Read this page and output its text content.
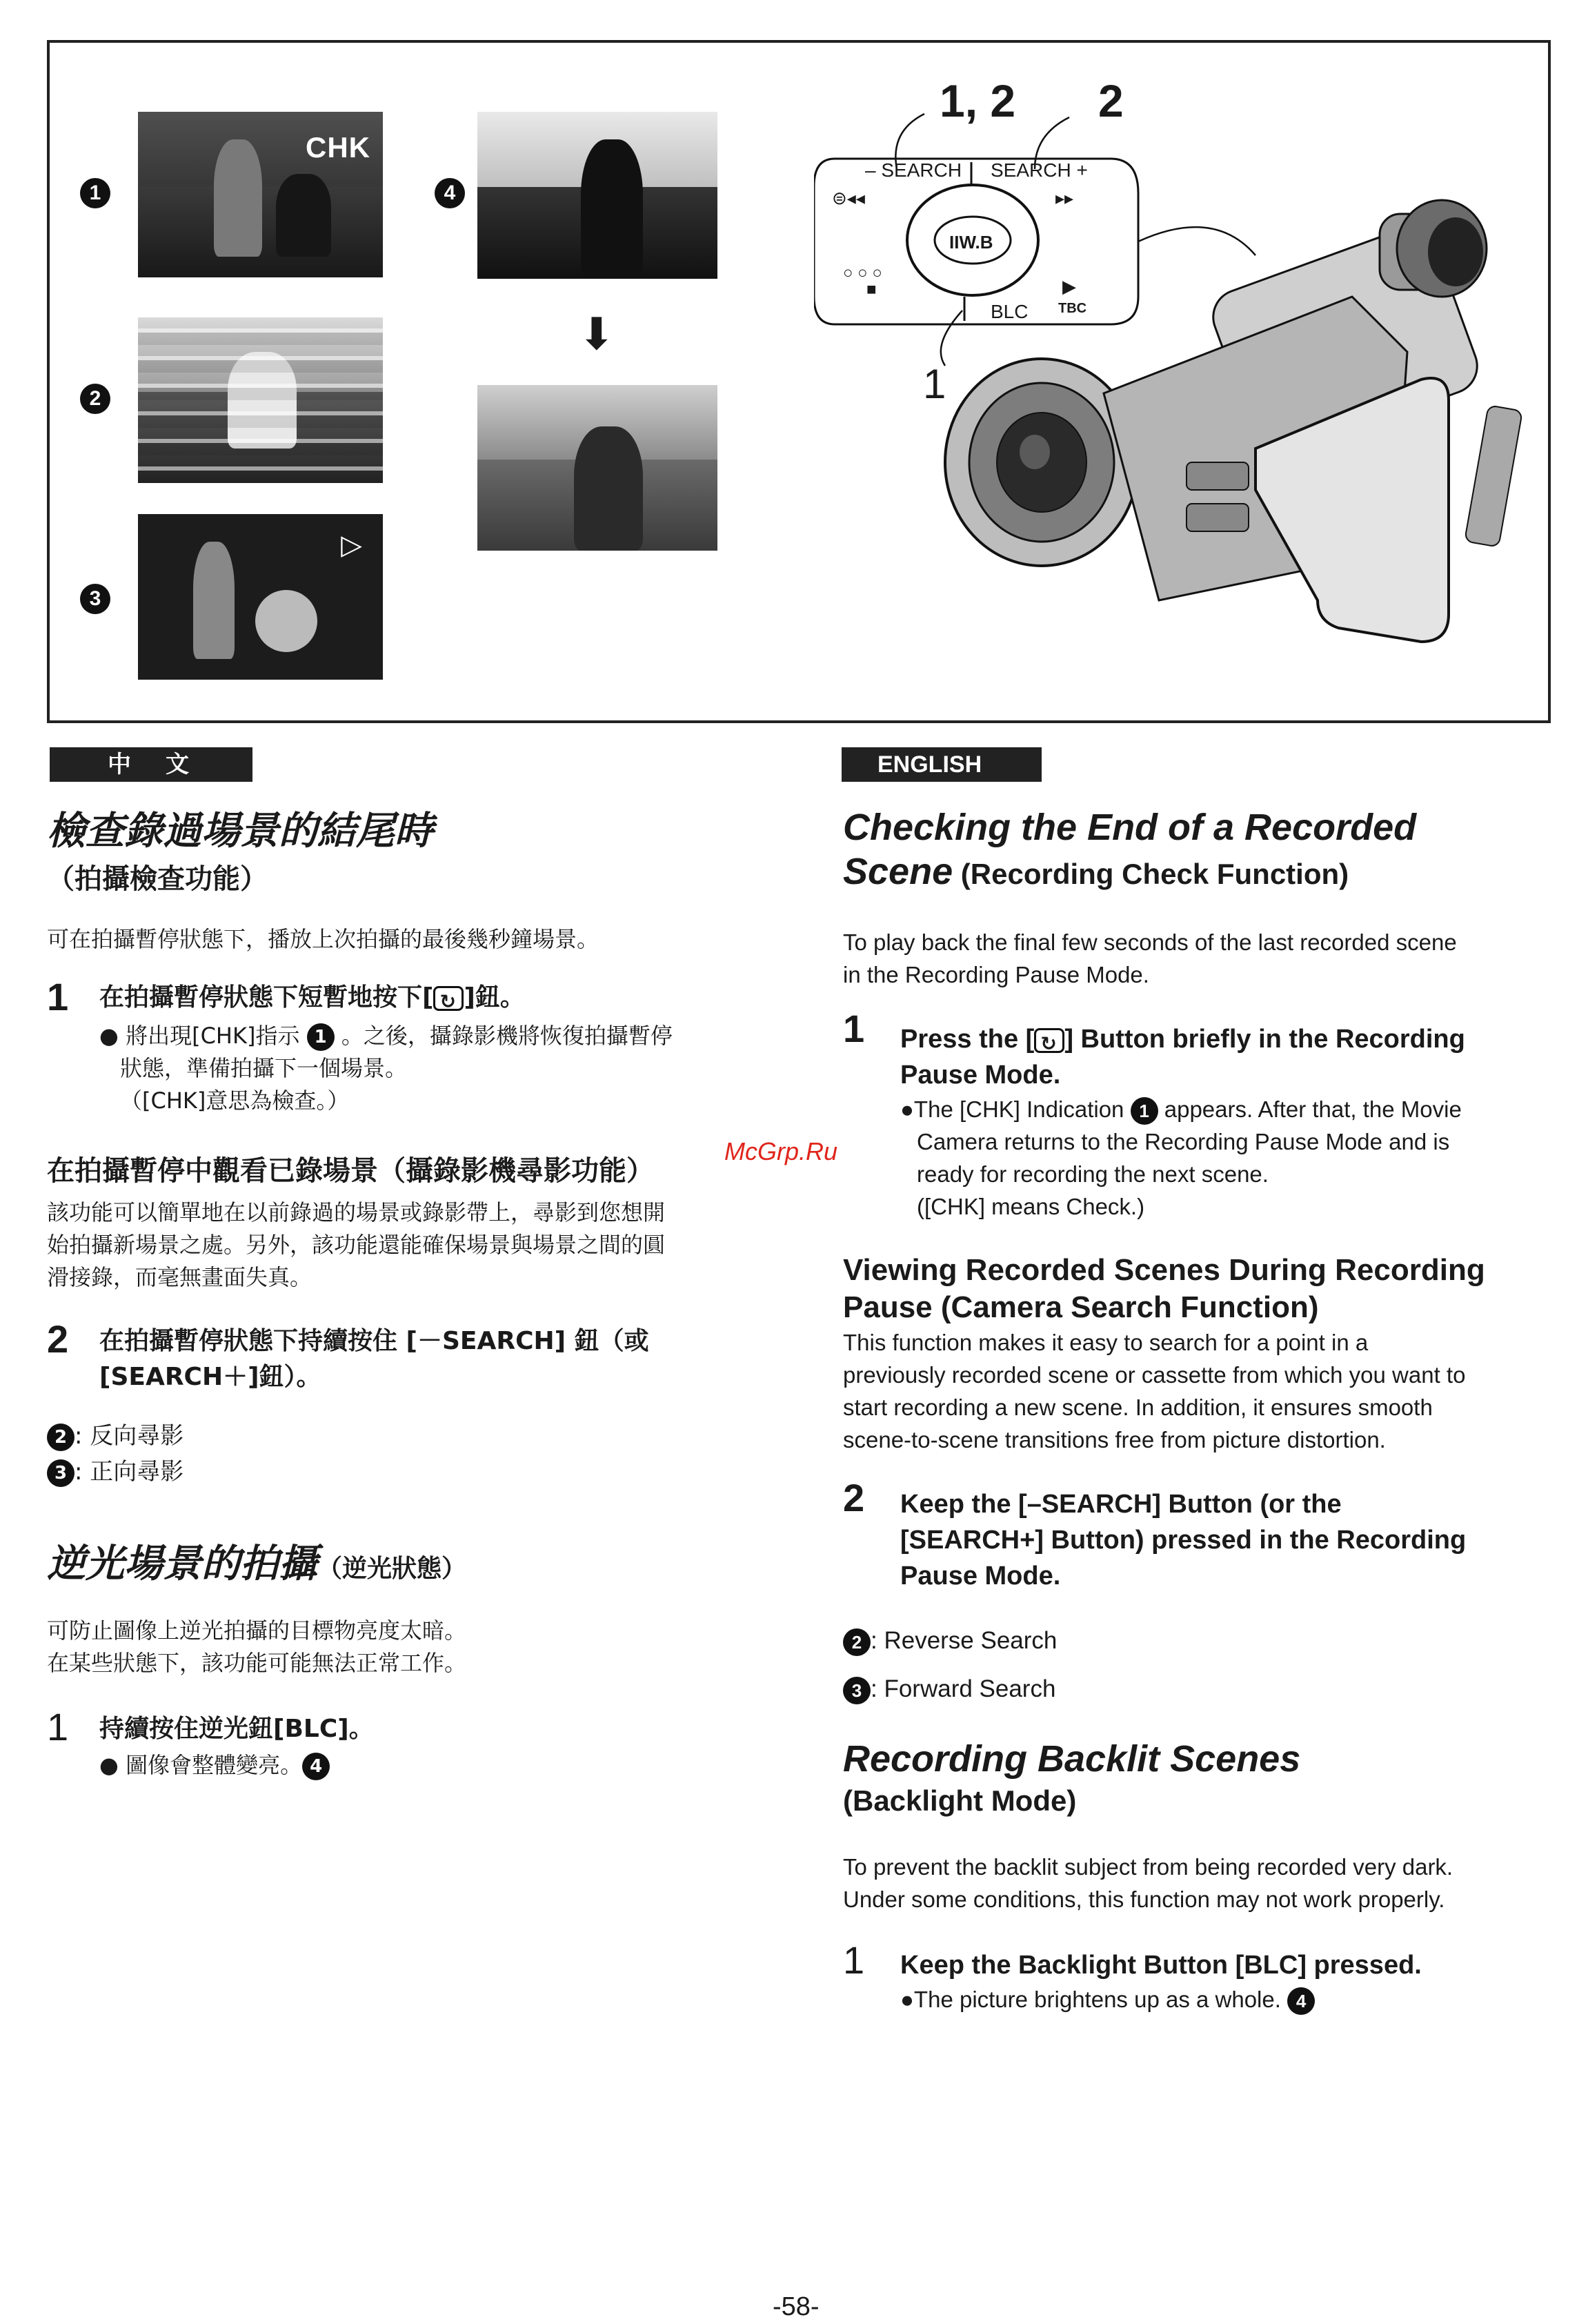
1
CHK
2
3
▷
4
⬇
1, 2 2
1
– SEARCH SEARCH +
⊜◂◂	▸▸
IIW.B
○ ○ ○
■	▶
BLC TBC
McGrp.Ru
中　文
檢查錄過場景的結尾時
（拍攝檢查功能）
可在拍攝暫停狀態下，播放上次拍攝的最後幾秒鐘場景。
1 在拍攝暫停狀態下短暫地按下[ ↻ ]鈕。
● 將出現[CHK]指示 1 。之後，攝錄影機將恢復拍攝暫停
狀態，準備拍攝下一個場景。
（[CHK]意思為檢查。）
在拍攝暫停中觀看已錄場景（攝錄影機尋影功能）
該功能可以簡單地在以前錄過的場景或錄影帶上，尋影到您想開
始拍攝新場景之處。另外，該功能還能確保場景與場景之間的圓
滑接錄，而毫無畫面失真。
2 在拍攝暫停狀態下持續按住 [－SEARCH] 鈕（或
[SEARCH＋]鈕）。
2 : 反向尋影
3 : 正向尋影
逆光場景的拍攝（逆光狀態）
可防止圖像上逆光拍攝的目標物亮度太暗。
在某些狀態下，該功能可能無法正常工作。
1 持續按住逆光鈕[BLC]。
● 圖像會整體變亮。 4
ENGLISH
Checking the End of a Recorded
Scene (Recording Check Function)
To play back the final few seconds of the last recorded scene
in the Recording Pause Mode.
1 Press the [ ↻ ] Button briefly in the Recording
Pause Mode.
●The [CHK] Indication 1 appears. After that, the Movie
Camera returns to the Recording Pause Mode and is
ready for recording the next scene.
([CHK] means Check.)
Viewing Recorded Scenes During Recording
Pause (Camera Search Function)
This function makes it easy to search for a point in a
previously recorded scene or cassette from which you want to
start recording a new scene. In addition, it ensures smooth
scene-to-scene transitions free from picture distortion.
2 Keep the [–SEARCH] Button (or the
[SEARCH+] Button) pressed in the Recording
Pause Mode.
2 : Reverse Search
3 : Forward Search
Recording Backlit Scenes
(Backlight Mode)
To prevent the backlit subject from being recorded very dark.
Under some conditions, this function may not work properly.
1 Keep the Backlight Button [BLC] pressed.
●The picture brightens up as a whole. 4
-58-
